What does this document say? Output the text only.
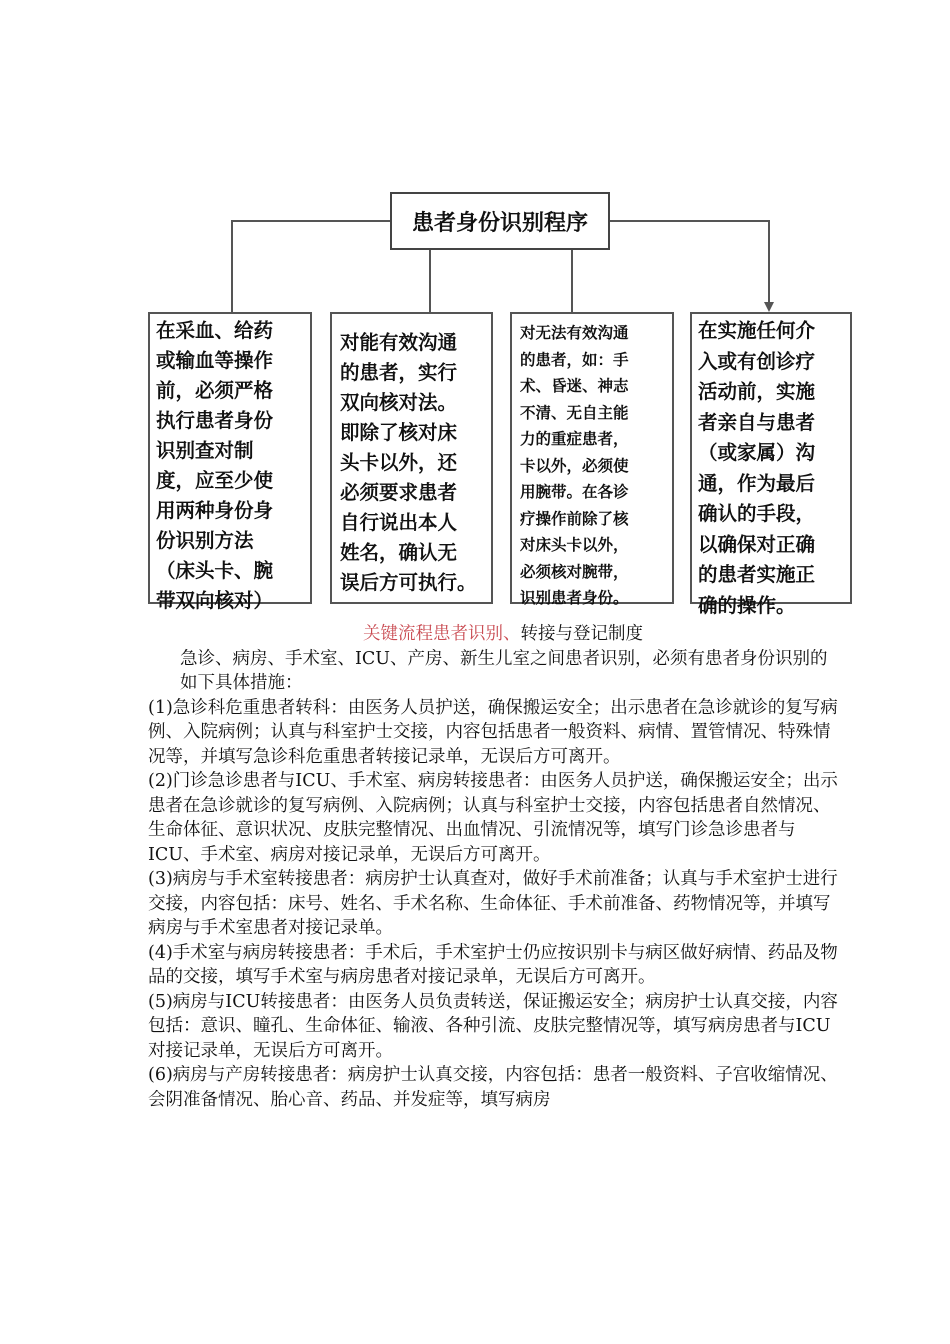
患者身份识别程序
在采血、给药
或输血等操作
前，必须严格
执行患者身份
识别查对制
度，应至少使
用两种身份身
份识别方法
（床头卡、腕
带双向核对）
对能有效沟通
的患者，实行
双向核对法。
即除了核对床
头卡以外，还
必须要求患者
自行说出本人
姓名，确认无
误后方可执行。
对无法有效沟通
的患者，如：手
术、昏迷、神志
不清、无自主能
力的重症患者，
卡以外，必须使
用腕带。在各诊
疗操作前除了核
对床头卡以外，
必须核对腕带，
识别患者身份。
在实施任何介
入或有创诊疗
活动前，实施
者亲自与患者
（或家属）沟
通，作为最后
确认的手段，
以确保对正确
的患者实施正
确的操作。
关键流程患者识别、转接与登记制度

急诊、病房、手术室、ICU、产房、新生儿室之间患者识别，必须有患者身份识别的如下具体措施：

(1)急诊科危重患者转科：由医务人员护送，确保搬运安全；出示患者在急诊就诊的复写病例、入院病例；认真与科室护士交接，内容包括患者一般资料、病情、置管情况、特殊情况等，并填写急诊科危重患者转接记录单，无误后方可离开。

(2)门诊急诊患者与ICU、手术室、病房转接患者：由医务人员护送，确保搬运安全；出示患者在急诊就诊的复写病例、入院病例；认真与科室护士交接，内容包括患者自然情况、生命体征、意识状况、皮肤完整情况、出血情况、引流情况等，填写门诊急诊患者与ICU、手术室、病房对接记录单，无误后方可离开。

(3)病房与手术室转接患者：病房护士认真查对，做好手术前准备；认真与手术室护士进行交接，内容包括：床号、姓名、手术名称、生命体征、手术前准备、药物情况等，并填写病房与手术室患者对接记录单。

(4)手术室与病房转接患者：手术后，手术室护士仍应按识别卡与病区做好病情、药品及物品的交接，填写手术室与病房患者对接记录单，无误后方可离开。

(5)病房与ICU转接患者：由医务人员负责转送，保证搬运安全；病房护士认真交接，内容包括：意识、瞳孔、生命体征、输液、各种引流、皮肤完整情况等，填写病房患者与ICU对接记录单，无误后方可离开。

(6)病房与产房转接患者：病房护士认真交接，内容包括：患者一般资料、子宫收缩情况、会阴准备情况、胎心音、药品、并发症等，填写病房
